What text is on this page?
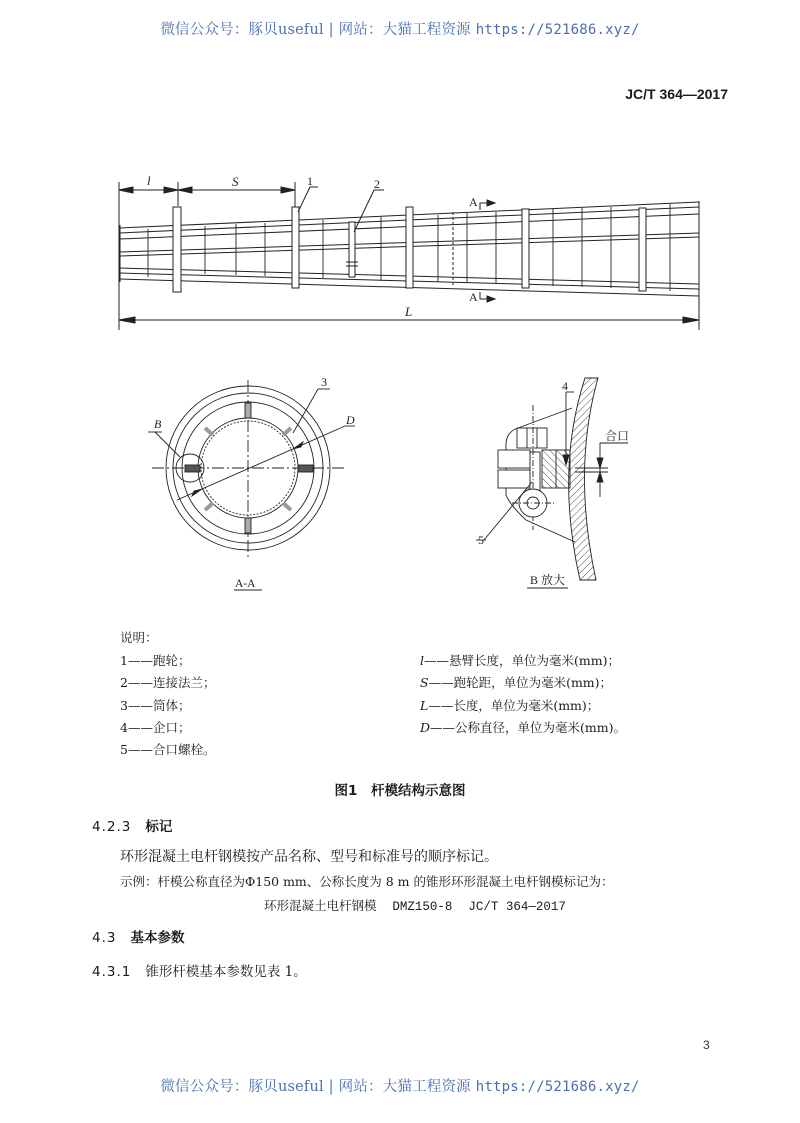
微信公众号：豚贝useful | 网站：大猫工程资源 https://521686.xyz/
JC/T 364—2017
l	S
L
1	2
A
A
B	D
3
A-A
4
5
合口
B 放大
说明：
1——跑轮；
2——连接法兰；
3——筒体；
4——企口；
5——合口螺栓。
l——悬臂长度，单位为毫米(mm)；
S——跑轮距，单位为毫米(mm)；
L——长度，单位为毫米(mm)；
D——公称直径，单位为毫米(mm)。
图1　杆模结构示意图
4.2.3 标记
环形混凝土电杆钢模按产品名称、型号和标准号的顺序标记。
示例：杆模公称直径为Φ150 mm、公称长度为 8 m 的锥形环形混凝土电杆钢模标记为：
环形混凝土电杆钢模 DMZ150-8 JC/T 364—2017
4.3 基本参数
4.3.1 锥形杆模基本参数见表 1。
3
微信公众号：豚贝useful | 网站：大猫工程资源 https://521686.xyz/
